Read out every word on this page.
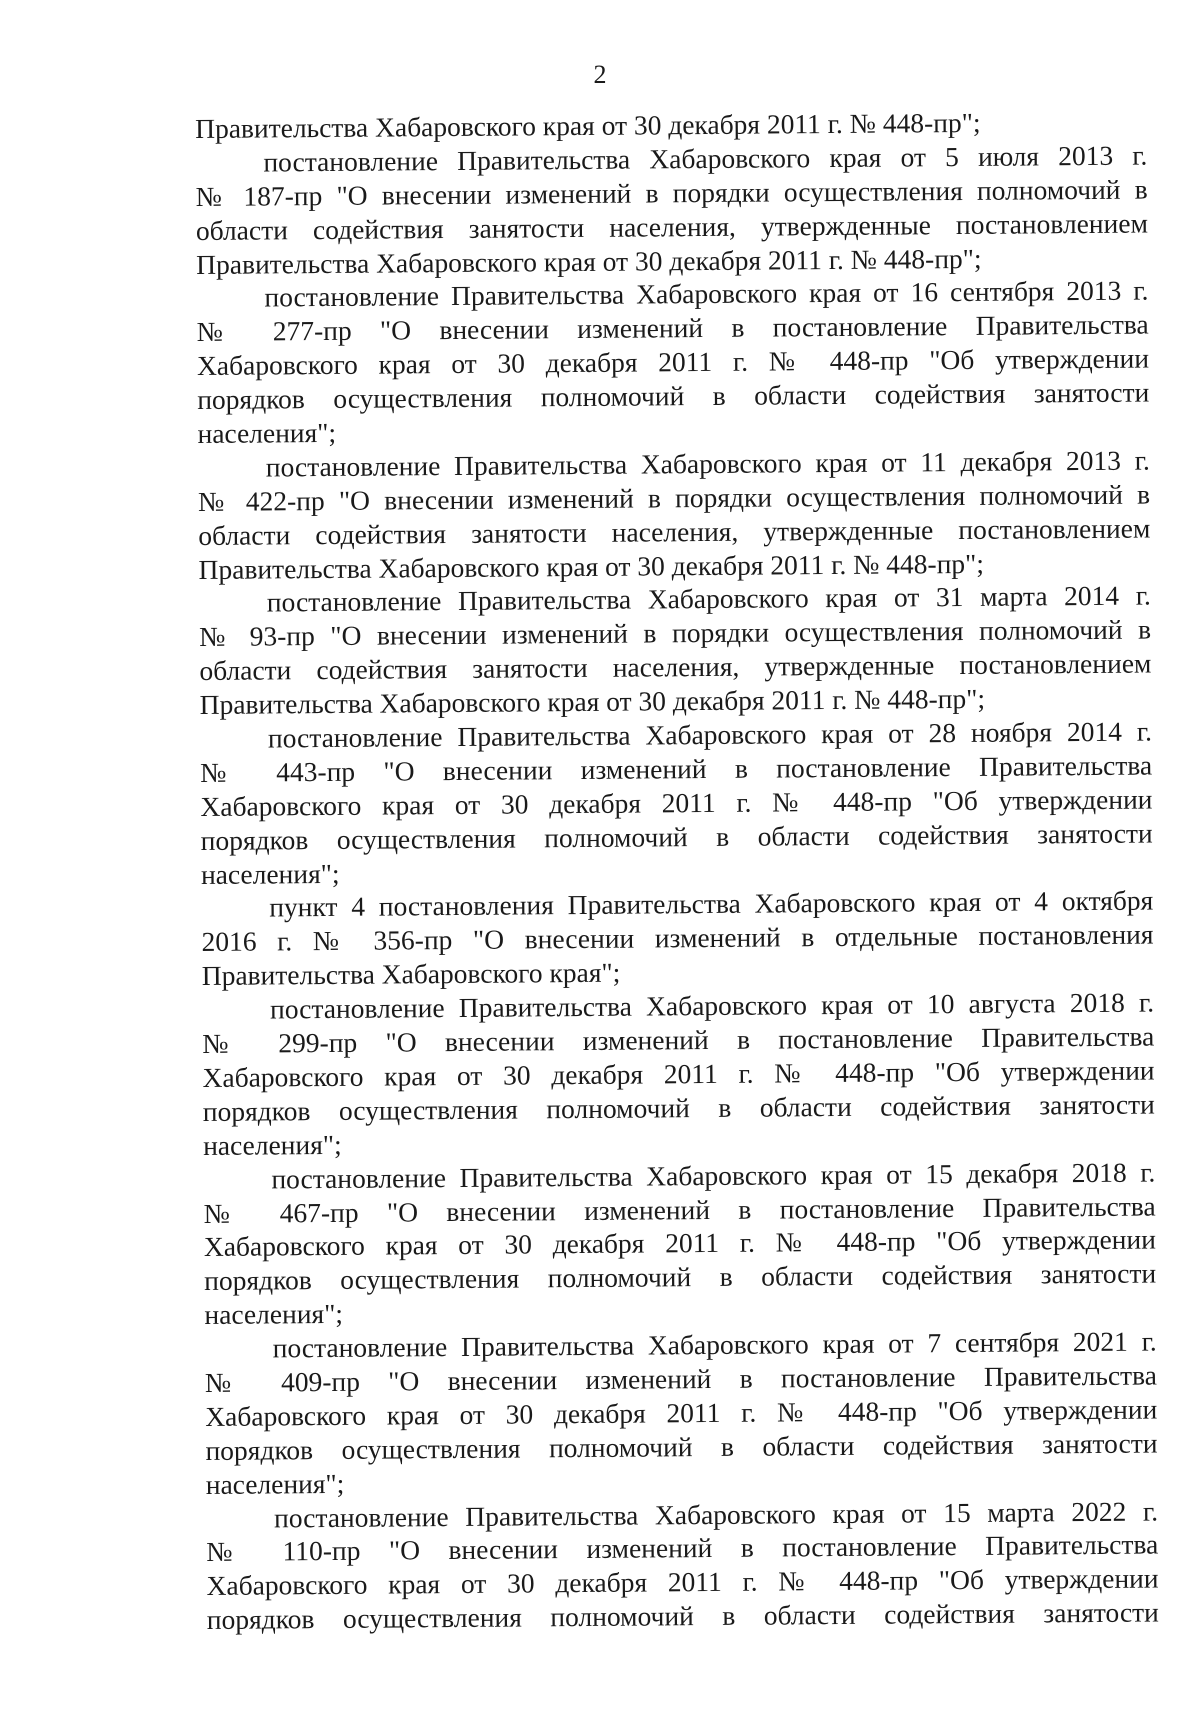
2
Правительства Хабаровского края от 30 декабря 2011 г. № 448-пр";
постановление Правительства Хабаровского края от 5 июля 2013 г.
№ 187-пр "О внесении изменений в порядки осуществления полномочий в
области содействия занятости населения, утвержденные постановлением
Правительства Хабаровского края от 30 декабря 2011 г. № 448-пр";
постановление Правительства Хабаровского края от 16 сентября 2013 г.
№ 277-пр "О внесении изменений в постановление Правительства
Хабаровского края от 30 декабря 2011 г. № 448-пр "Об утверждении
порядков осуществления полномочий в области содействия занятости
населения";
постановление Правительства Хабаровского края от 11 декабря 2013 г.
№ 422-пр "О внесении изменений в порядки осуществления полномочий в
области содействия занятости населения, утвержденные постановлением
Правительства Хабаровского края от 30 декабря 2011 г. № 448-пр";
постановление Правительства Хабаровского края от 31 марта 2014 г.
№ 93-пр "О внесении изменений в порядки осуществления полномочий в
области содействия занятости населения, утвержденные постановлением
Правительства Хабаровского края от 30 декабря 2011 г. № 448-пр";
постановление Правительства Хабаровского края от 28 ноября 2014 г.
№ 443-пр "О внесении изменений в постановление Правительства
Хабаровского края от 30 декабря 2011 г. № 448-пр "Об утверждении
порядков осуществления полномочий в области содействия занятости
населения";
пункт 4 постановления Правительства Хабаровского края от 4 октября
2016 г. № 356-пр "О внесении изменений в отдельные постановления
Правительства Хабаровского края";
постановление Правительства Хабаровского края от 10 августа 2018 г.
№ 299-пр "О внесении изменений в постановление Правительства
Хабаровского края от 30 декабря 2011 г. № 448-пр "Об утверждении
порядков осуществления полномочий в области содействия занятости
населения";
постановление Правительства Хабаровского края от 15 декабря 2018 г.
№ 467-пр "О внесении изменений в постановление Правительства
Хабаровского края от 30 декабря 2011 г. № 448-пр "Об утверждении
порядков осуществления полномочий в области содействия занятости
населения";
постановление Правительства Хабаровского края от 7 сентября 2021 г.
№ 409-пр "О внесении изменений в постановление Правительства
Хабаровского края от 30 декабря 2011 г. № 448-пр "Об утверждении
порядков осуществления полномочий в области содействия занятости
населения";
постановление Правительства Хабаровского края от 15 марта 2022 г.
№ 110-пр "О внесении изменений в постановление Правительства
Хабаровского края от 30 декабря 2011 г. № 448-пр "Об утверждении
порядков осуществления полномочий в области содействия занятости
